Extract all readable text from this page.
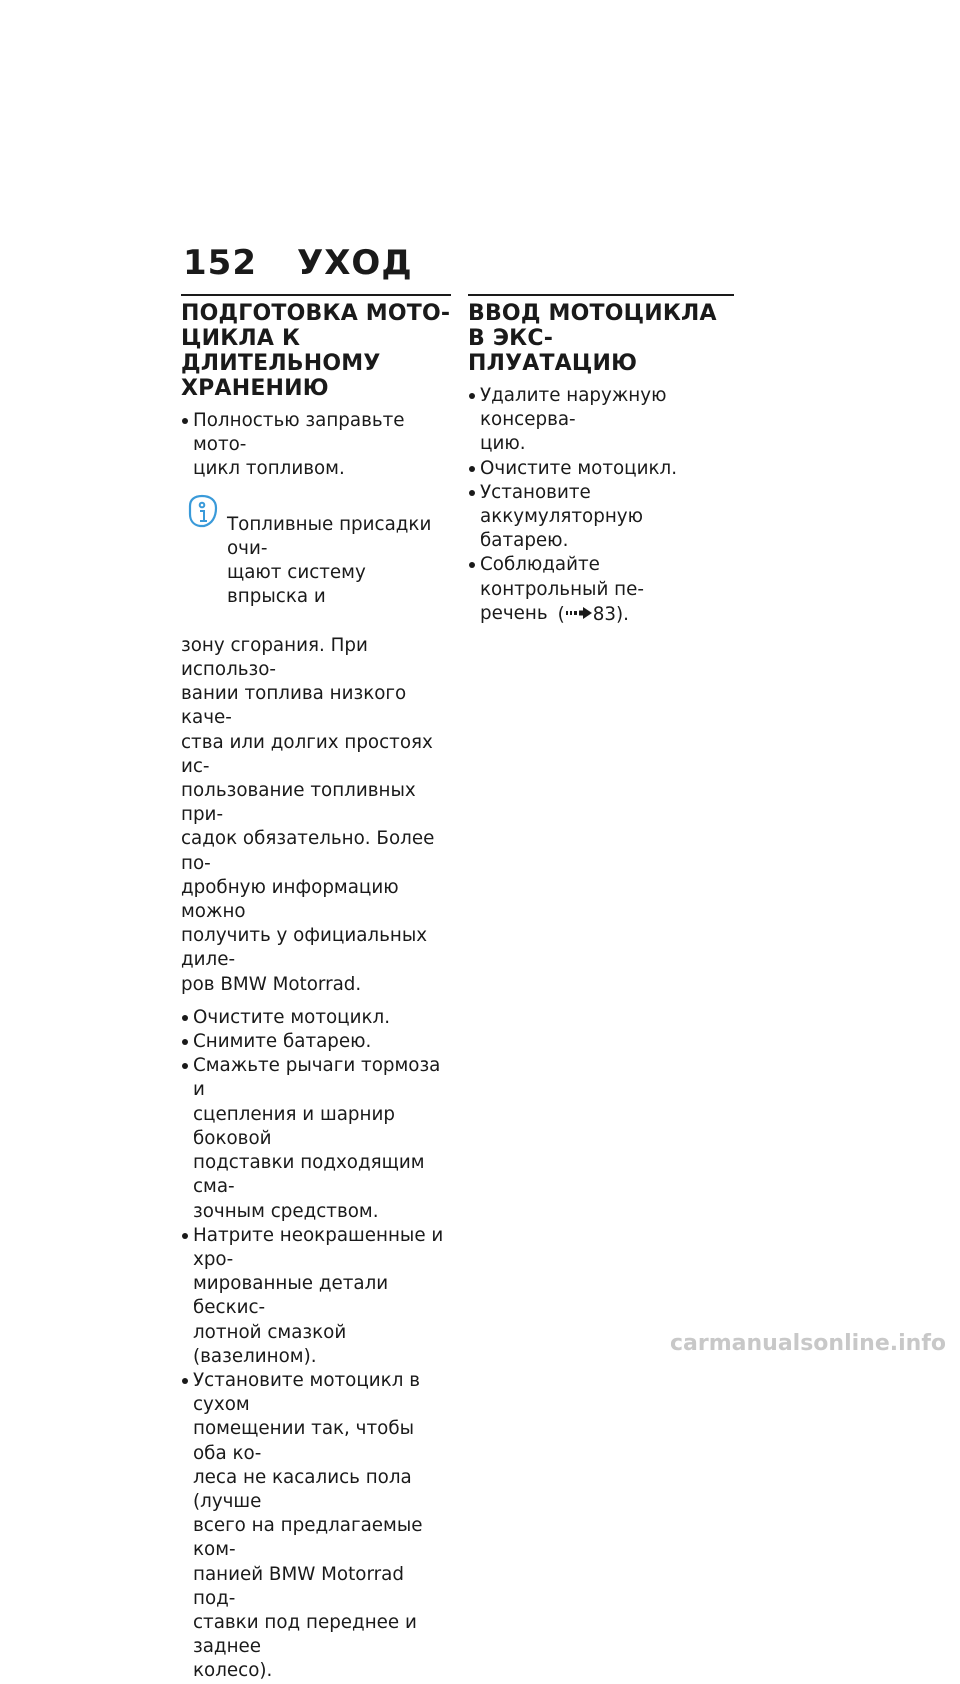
152 УХОД
ПОДГОТОВКА МОТО-
ЦИКЛА К ДЛИТЕЛЬНОМУ
ХРАНЕНИЮ
Полностью заправьте мото-
цикл топливом.

Топливные присадки очи-
щают систему впрыска и

зону сгорания. При использо-
вании топлива низкого каче-
ства или долгих простоях ис-
пользование топливных при-
садок обязательно. Более по-
дробную информацию можно
получить у официальных диле-
ров BMW Motorrad.

Очистите мотоцикл.
Снимите батарею.
Смажьте рычаги тормоза и
сцепления и шарнир боковой
подставки подходящим сма-
зочным средством.
Натрите неокрашенные и хро-
мированные детали бескис-
лотной смазкой (вазелином).
Установите мотоцикл в сухом
помещении так, чтобы оба ко-
леса не касались пола (лучше
всего на предлагаемые ком-
панией BMW Motorrad под-
ставки под переднее и заднее
колесо).
ВВОД МОТОЦИКЛА В ЭКС-
ПЛУАТАЦИЮ
Удалите наружную консерва-
цию.
Очистите мотоцикл.
Установите аккумуляторную
батарею.
Соблюдайте контрольный пе-
речень ( 83).
carmanualsonline.info
